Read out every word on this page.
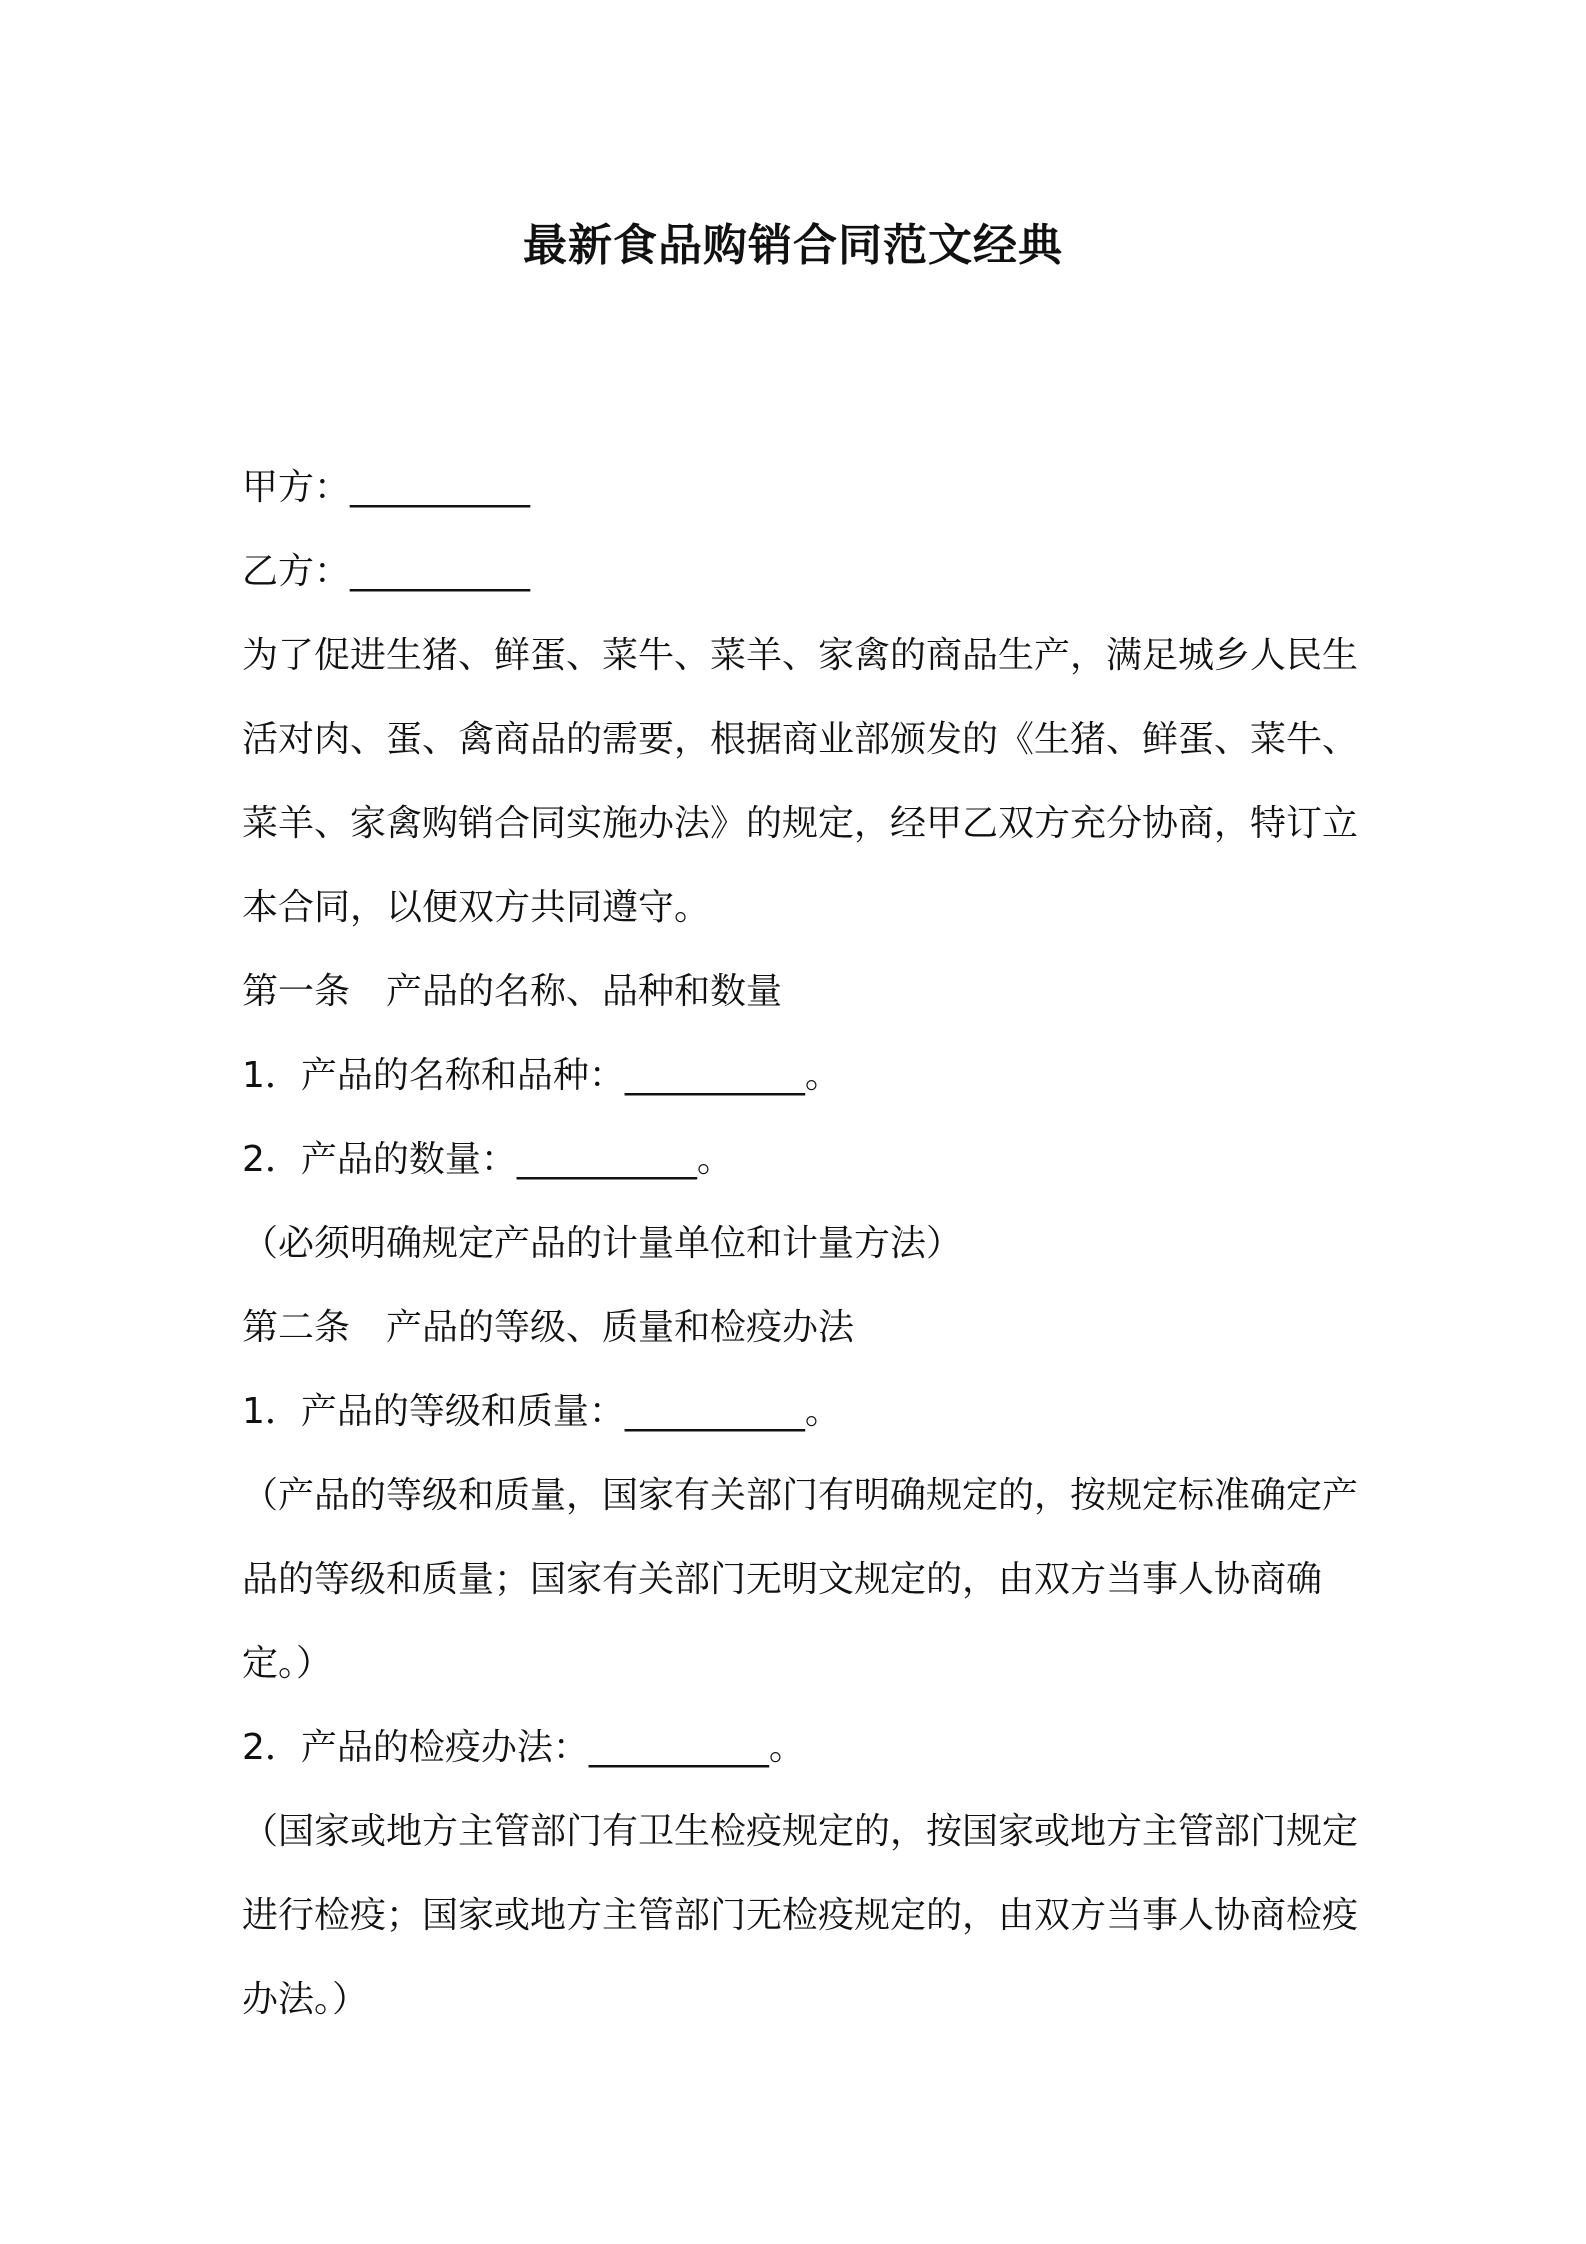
最新食品购销合同范文经典

甲方：__________

乙方：__________

为了促进生猪、鲜蛋、菜牛、菜羊、家禽的商品生产，满足城乡人民生活对肉、蛋、禽商品的需要，根据商业部颁发的《生猪、鲜蛋、菜牛、菜羊、家禽购销合同实施办法》的规定，经甲乙双方充分协商，特订立本合同，以便双方共同遵守。

第一条　产品的名称、品种和数量

1．产品的名称和品种：__________。

2．产品的数量：__________。

（必须明确规定产品的计量单位和计量方法）

第二条　产品的等级、质量和检疫办法

1．产品的等级和质量：__________。

（产品的等级和质量，国家有关部门有明确规定的，按规定标准确定产品的等级和质量；国家有关部门无明文规定的，由双方当事人协商确定。）

2．产品的检疫办法：__________。

（国家或地方主管部门有卫生检疫规定的，按国家或地方主管部门规定进行检疫；国家或地方主管部门无检疫规定的，由双方当事人协商检疫办法。）
